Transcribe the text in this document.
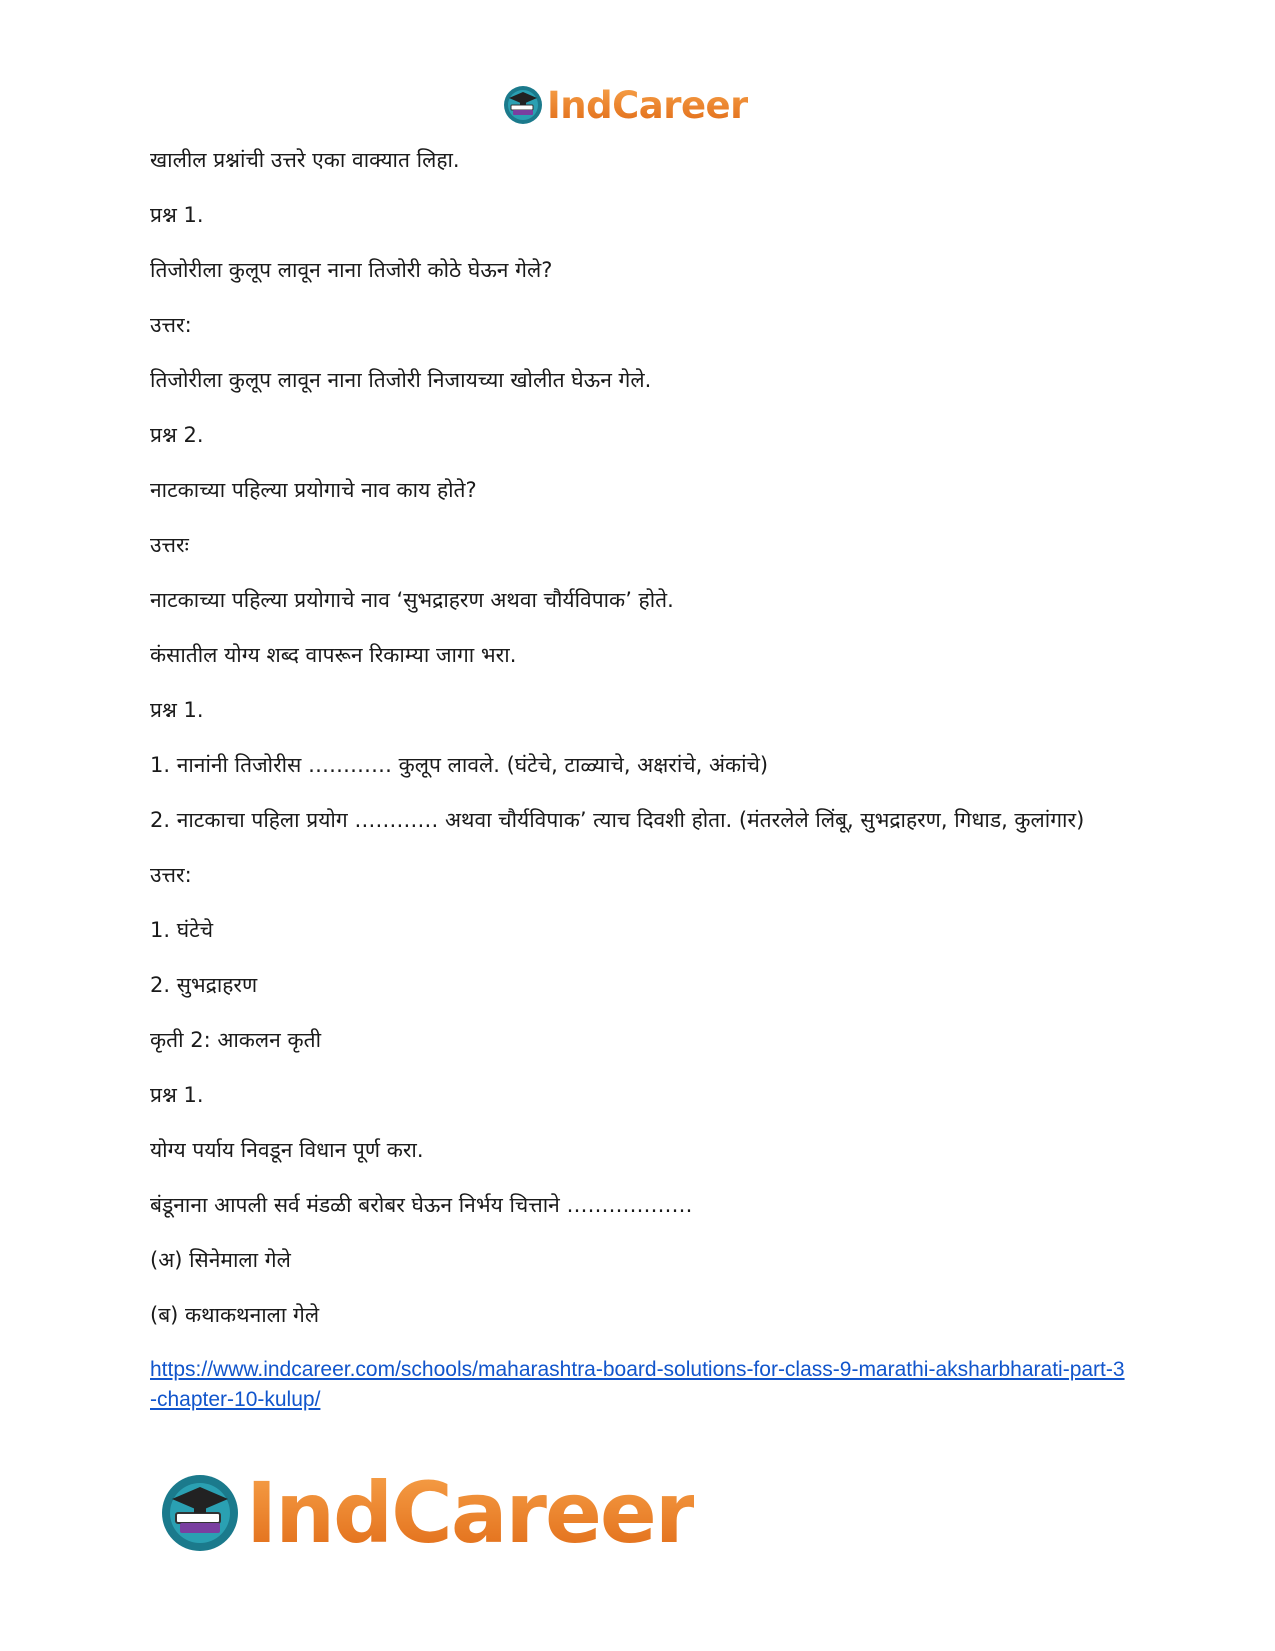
IndCareer

खालील प्रश्नांची उत्तरे एका वाक्यात लिहा.

प्रश्न 1.

तिजोरीला कुलूप लावून नाना तिजोरी कोठे घेऊन गेले?

उत्तर:

तिजोरीला कुलूप लावून नाना तिजोरी निजायच्या खोलीत घेऊन गेले.

प्रश्न 2.

नाटकाच्या पहिल्या प्रयोगाचे नाव काय होते?

उत्तरः

नाटकाच्या पहिल्या प्रयोगाचे नाव ‘सुभद्राहरण अथवा चौर्यविपाक’ होते.

कंसातील योग्य शब्द वापरून रिकाम्या जागा भरा.

प्रश्न 1.

1. नानांनी तिजोरीस ………… कुलूप लावले. (घंटेचे, टाळ्याचे, अक्षरांचे, अंकांचे)

2. नाटकाचा पहिला प्रयोग ………… अथवा चौर्यविपाक’ त्याच दिवशी होता. (मंतरलेले लिंबू, सुभद्राहरण, गिधाड, कुलांगार)

उत्तर:

1. घंटेचे

2. सुभद्राहरण

कृती 2: आकलन कृती

प्रश्न 1.

योग्य पर्याय निवडून विधान पूर्ण करा.

बंडूनाना आपली सर्व मंडळी बरोबर घेऊन निर्भय चित्ताने ………………

(अ) सिनेमाला गेले

(ब) कथाकथनाला गेले

https://www.indcareer.com/schools/maharashtra-board-solutions-for-class-9-marathi-aksharbharati-part-3-chapter-10-kulup/
IndCareer
